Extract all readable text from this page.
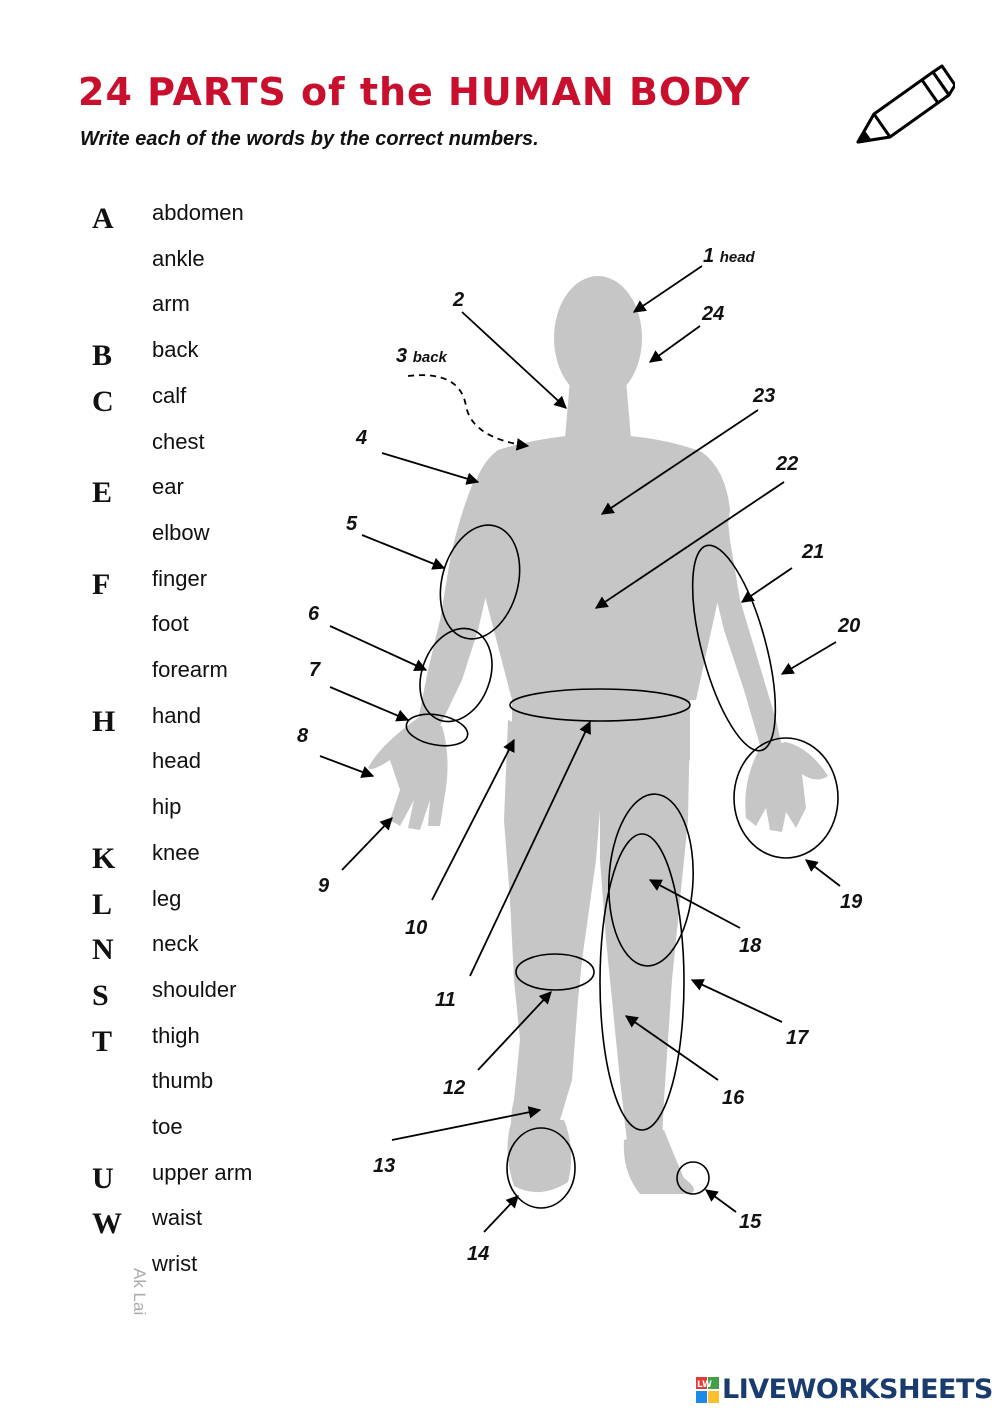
24 PARTS of the HUMAN BODY

Write each of the words by the correct numbers.

A	abdomen
ankle
arm
B	back
C	calf
chest
E	ear
elbow
F	finger
foot
forearm
H	hand
head
hip
K	knee
L	leg
N	neck
S	shoulder
T	thigh
thumb
toe
U	upper arm
W	waist
wrist
Ak Lai
1 head
2
3 back
4
5
6
7
8
9
10
11
12
13
14
15
16
17
18
19
20
21
22
23
24
LW LIVEWORKSHEETS
